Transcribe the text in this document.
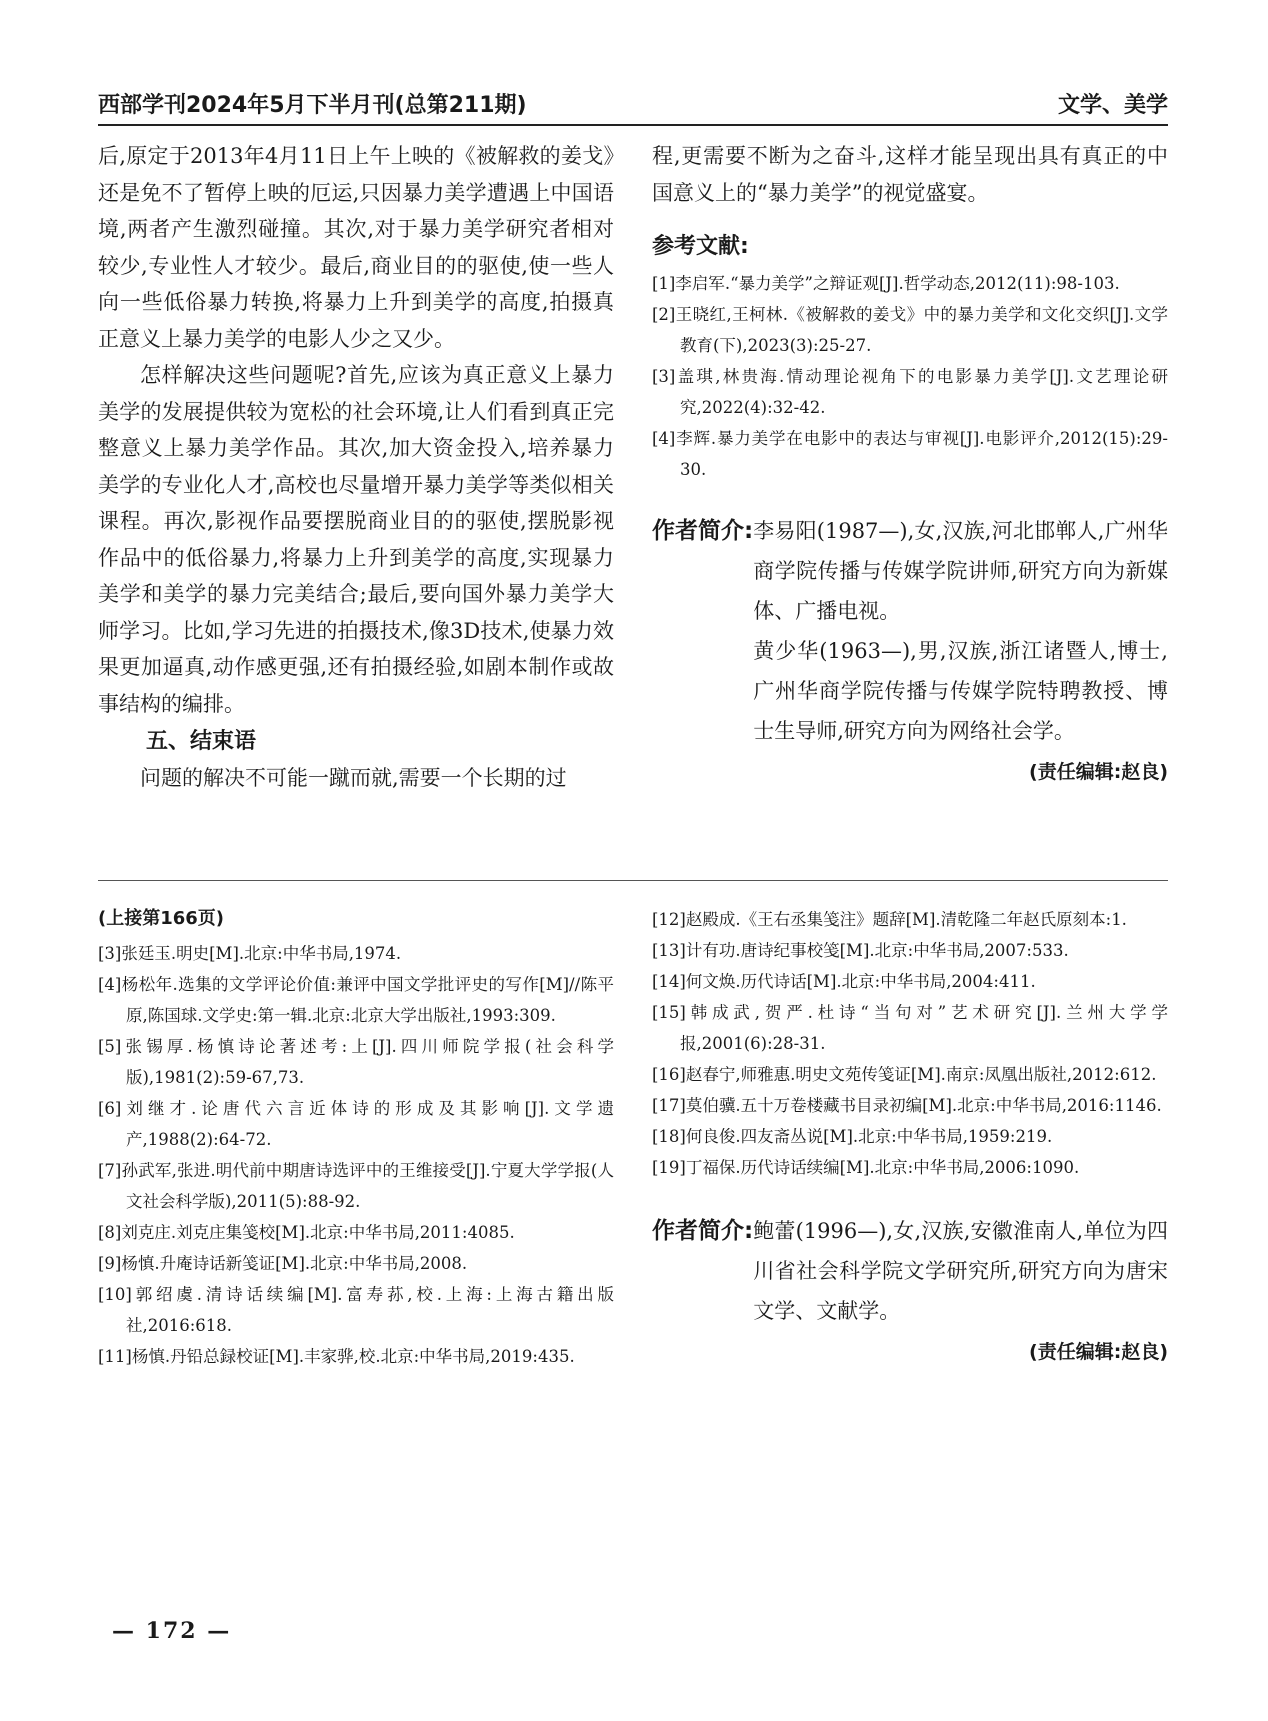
西部学刊2024年5月下半月刊(总第211期)	文学、美学

后,原定于2013年4月11日上午上映的《被解救的姜戈》还是免不了暂停上映的厄运,只因暴力美学遭遇上中国语境,两者产生激烈碰撞。其次,对于暴力美学研究者相对较少,专业性人才较少。最后,商业目的的驱使,使一些人向一些低俗暴力转换,将暴力上升到美学的高度,拍摄真正意义上暴力美学的电影人少之又少。

怎样解决这些问题呢?首先,应该为真正意义上暴力美学的发展提供较为宽松的社会环境,让人们看到真正完整意义上暴力美学作品。其次,加大资金投入,培养暴力美学的专业化人才,高校也尽量增开暴力美学等类似相关课程。再次,影视作品要摆脱商业目的的驱使,摆脱影视作品中的低俗暴力,将暴力上升到美学的高度,实现暴力美学和美学的暴力完美结合;最后,要向国外暴力美学大师学习。比如,学习先进的拍摄技术,像3D技术,使暴力效果更加逼真,动作感更强,还有拍摄经验,如剧本制作或故事结构的编排。

五、结束语

问题的解决不可能一蹴而就,需要一个长期的过

程,更需要不断为之奋斗,这样才能呈现出具有真正的中国意义上的“暴力美学”的视觉盛宴。

参考文献:
[1]李启军.“暴力美学”之辩证观[J].哲学动态,2012(11):98-103.
[2]王晓红,王柯林.《被解救的姜戈》中的暴力美学和文化交织[J].文学教育(下),2023(3):25-27.
[3]盖琪,林贵海.情动理论视角下的电影暴力美学[J].文艺理论研究,2022(4):32-42.
[4]李辉.暴力美学在电影中的表达与审视[J].电影评介,2012(15):29-30.
作者简介: 李易阳(1987—),女,汉族,河北邯郸人,广州华商学院传播与传媒学院讲师,研究方向为新媒体、广播电视。

黄少华(1963—),男,汉族,浙江诸暨人,博士,广州华商学院传播与传媒学院特聘教授、博士生导师,研究方向为网络社会学。

(责任编辑:赵良)
(上接第166页)
[3]张廷玉.明史[M].北京:中华书局,1974.
[4]杨松年.选集的文学评论价值:兼评中国文学批评史的写作[M]//陈平原,陈国球.文学史:第一辑.北京:北京大学出版社,1993:309.
[5]张锡厚.杨慎诗论著述考:上[J].四川师院学报(社会科学版),1981(2):59-67,73.
[6]刘继才.论唐代六言近体诗的形成及其影响[J].文学遗产,1988(2):64-72.
[7]孙武军,张进.明代前中期唐诗选评中的王维接受[J].宁夏大学学报(人文社会科学版),2011(5):88-92.
[8]刘克庄.刘克庄集笺校[M].北京:中华书局,2011:4085.
[9]杨慎.升庵诗话新笺证[M].北京:中华书局,2008.
[10]郭绍虞.清诗话续编[M].富寿荪,校.上海:上海古籍出版社,2016:618.
[11]杨慎.丹铅总録校证[M].丰家骅,校.北京:中华书局,2019:435.
[12]赵殿成.《王右丞集笺注》题辞[M].清乾隆二年赵氏原刻本:1.
[13]计有功.唐诗纪事校笺[M].北京:中华书局,2007:533.
[14]何文焕.历代诗话[M].北京:中华书局,2004:411.
[15]韩成武,贺严.杜诗“当句对”艺术研究[J].兰州大学学报,2001(6):28-31.
[16]赵春宁,师雅惠.明史文苑传笺证[M].南京:凤凰出版社,2012:612.
[17]莫伯骥.五十万卷楼藏书目录初编[M].北京:中华书局,2016:1146.
[18]何良俊.四友斋丛说[M].北京:中华书局,1959:219.
[19]丁福保.历代诗话续编[M].北京:中华书局,2006:1090.
作者简介: 鲍蕾(1996—),女,汉族,安徽淮南人,单位为四川省社会科学院文学研究所,研究方向为唐宋文学、文献学。

(责任编辑:赵良)
— 172 —
